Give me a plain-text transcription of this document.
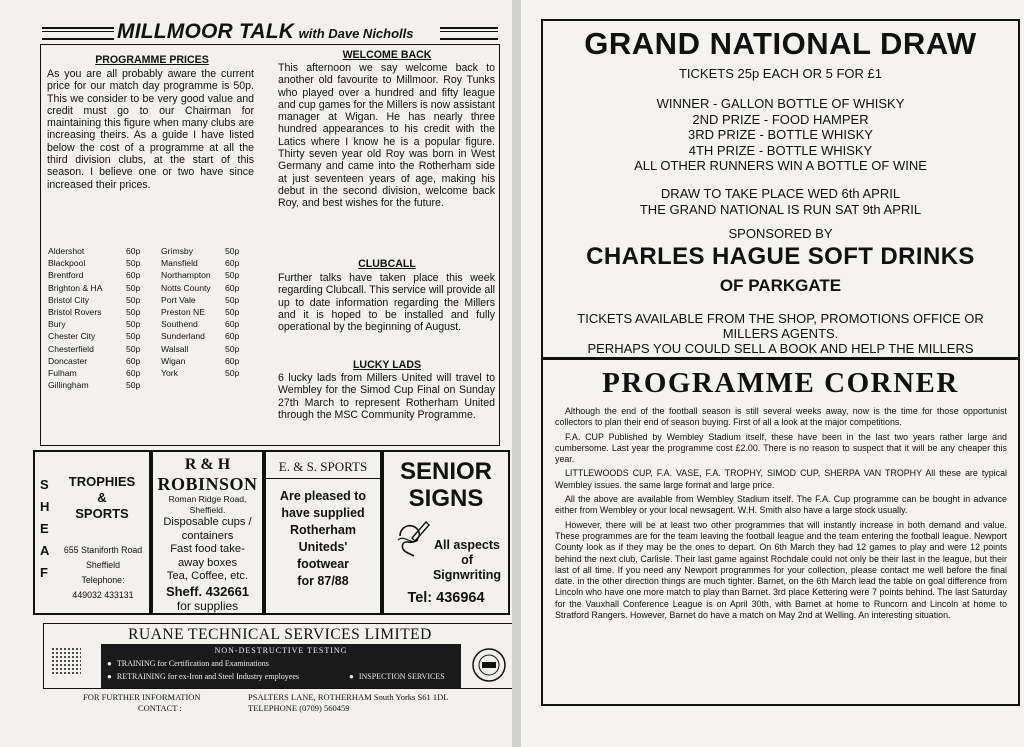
MILLMOOR TALK with Dave Nicholls
PROGRAMME PRICES
As you are all probably aware the current price for our match day programme is 50p. This we consider to be very good value and credit must go to our Chairman for maintaining this figure when many clubs are increasing theirs. As a guide I have listed below the cost of a programme at all the third division clubs, at the start of this season. I believe one or two have since increased their prices.
Aldershot	60p
Blackpool	50p
Brentford	60p
Brighton & HA	50p
Bristol City	50p
Bristol Rovers	50p
Bury	50p
Chester City	50p
Chesterfield	50p
Doncaster	60p
Fulham	60p
Gillingham	50p
Grimsby	50p
Mansfield	60p
Northampton	50p
Notts County	60p
Port Vale	50p
Preston NE	50p
Southend	60p
Sunderland	60p
Walsall	50p
Wigan	60p
York	50p
WELCOME BACK
This afternoon we say welcome back to another old favourite to Millmoor. Roy Tunks who played over a hundred and fifty league and cup games for the Millers is now assistant manager at Wigan. He has nearly three hundred appearances to his credit with the Latics where I know he is a popular figure. Thirty seven year old Roy was born in West Germany and came into the Rotherham side at just seventeen years of age, making his debut in the second division, welcome back Roy, and best wishes for the future.
CLUBCALL
Further talks have taken place this week regarding Clubcall. This service will provide all up to date information regarding the Millers and it is hoped to be installed and fully operational by the beginning of August.
LUCKY LADS
6 lucky lads from Millers United will travel to Wembley for the Simod Cup Final on Sunday 27th March to represent Rotherham United through the MSC Community Programme.
S
H
E
A
F
TROPHIES
&
SPORTS
655 Staniforth Road
Sheffield
Telephone:
449032 433131
R & H
ROBINSON
Roman Ridge Road,
Sheffield.
Disposable cups /
containers
Fast food take-
away boxes
Tea, Coffee, etc.
Sheff. 432661
for supplies
E. & S. SPORTS
Are pleased to
have supplied
Rotherham
Uniteds'
footwear
for 87/88
SENIOR
SIGNS
All aspects
of
Signwriting
Tel: 436964
RUANE TECHNICAL SERVICES LIMITED
NON-DESTRUCTIVE TESTING
● TRAINING for Certification and Examinations
● RETRAINING for ex-Iron and Steel Industry employees	● INSPECTION SERVICES
FOR FURTHER INFORMATION
CONTACT :
PSALTERS LANE, ROTHERHAM South Yorks S61 1DL
TELEPHONE (0709) 560459
GRAND NATIONAL DRAW
TICKETS 25p EACH OR 5 FOR £1
WINNER - GALLON BOTTLE OF WHISKY
2ND PRIZE - FOOD HAMPER
3RD PRIZE - BOTTLE WHISKY
4TH PRIZE - BOTTLE WHISKY
ALL OTHER RUNNERS WIN A BOTTLE OF WINE
DRAW TO TAKE PLACE WED 6th APRIL
THE GRAND NATIONAL IS RUN SAT 9th APRIL
SPONSORED BY
CHARLES HAGUE SOFT DRINKS
OF PARKGATE
TICKETS AVAILABLE FROM THE SHOP, PROMOTIONS OFFICE OR
MILLERS AGENTS.
PERHAPS YOU COULD SELL A BOOK AND HELP THE MILLERS
PROGRAMME CORNER
Although the end of the football season is still several weeks away, now is the time for those opportunist collectors to plan their end of season buying. First of all a look at the major competitions.
F.A. CUP Published by Wembley Stadium itself, these have been in the last two years rather large and cumbersome. Last year the programme cost £2.00. There is no reason to suspect that it will be any cheaper this year.
LITTLEWOODS CUP, F.A. VASE, F.A. TROPHY, SIMOD CUP, SHERPA VAN TROPHY All these are typical Wembley issues. the same large format and large price.
All the above are available from Wembley Stadium itself. The F.A. Cup programme can be bought in advance either from Wembley or your local newsagent. W.H. Smith also have a large stock usually.
However, there will be at least two other programmes that will instantly increase in both demand and value. These programmes are for the team leaving the football league and the team entering the football league. Newport County look as if they may be the ones to depart. On 6th March they had 12 games to play and were 12 points behind the next club, Carlisle. Their last game against Rochdale could not only be their last in the league, but their last of all time. If you need any Newport programmes for your collection, please contact me well before the final date. in the other direction things are much tighter. Barnet, on the 6th March lead the table on goal difference from Lincoln who have one more match to play than Barnet. 3rd place Kettering were 7 points behind. The last Saturday for the Vauxhall Conference League is on April 30th, with Barnet at home to Runcorn and Lincoln at home to Stratford Rangers. However, Barnet do have a match on May 2nd at Welling. An interesting situation.
